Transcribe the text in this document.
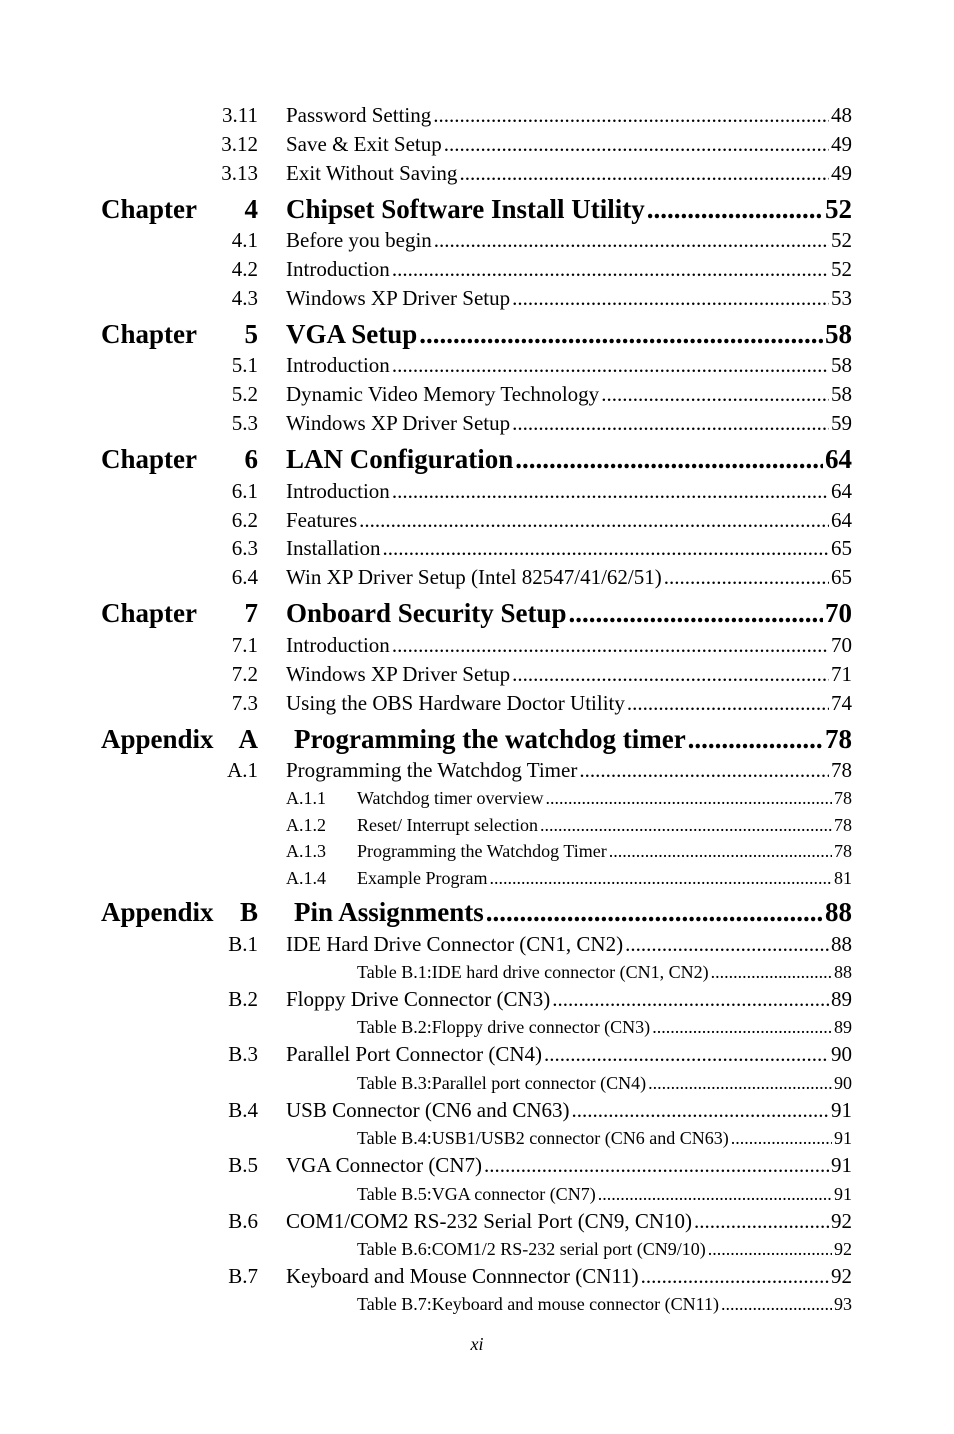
3.11 Password Setting .....	48
3.12 Save & Exit Setup .....	49
3.13 Exit Without Saving .....	49
Chapter 4 Chipset Software Install Utility .....	52
4.1 Before you begin .....	52
4.2 Introduction .....	52
4.3 Windows XP Driver Setup .....	53
Chapter 5 VGA Setup .....	58
5.1 Introduction .....	58
5.2 Dynamic Video Memory Technology .....	58
5.3 Windows XP Driver Setup .....	59
Chapter 6 LAN Configuration .....	64
6.1 Introduction .....	64
6.2 Features .....	64
6.3 Installation .....	65
6.4 Win XP Driver Setup (Intel 82547/41/62/51) .....	65
Chapter 7 Onboard Security Setup .....	70
7.1 Introduction .....	70
7.2 Windows XP Driver Setup .....	71
7.3 Using the OBS Hardware Doctor Utility .....	74
Appendix A Programming the watchdog timer .....	78
A.1 Programming the Watchdog Timer .....	78
A.1.1 Watchdog timer overview .....	78
A.1.2 Reset/ Interrupt selection .....	78
A.1.3 Programming the Watchdog Timer .....	78
A.1.4 Example Program .....	81
Appendix B Pin Assignments .....	88
B.1 IDE Hard Drive Connector (CN1, CN2) .....	88
Table B.1:IDE hard drive connector (CN1, CN2) .....	88
B.2 Floppy Drive Connector (CN3) .....	89
Table B.2:Floppy drive connector (CN3) .....	89
B.3 Parallel Port Connector (CN4) .....	90
Table B.3:Parallel port connector (CN4) .....	90
B.4 USB Connector (CN6 and CN63) .....	91
Table B.4:USB1/USB2 connector (CN6 and CN63) .....	91
B.5 VGA Connector (CN7) .....	91
Table B.5:VGA connector (CN7) .....	91
B.6 COM1/COM2 RS-232 Serial Port (CN9, CN10) .....	92
Table B.6:COM1/2 RS-232 serial port (CN9/10) .....	92
B.7 Keyboard and Mouse Connnector (CN11) .....	92
Table B.7:Keyboard and mouse connector (CN11) .....	93
xi
